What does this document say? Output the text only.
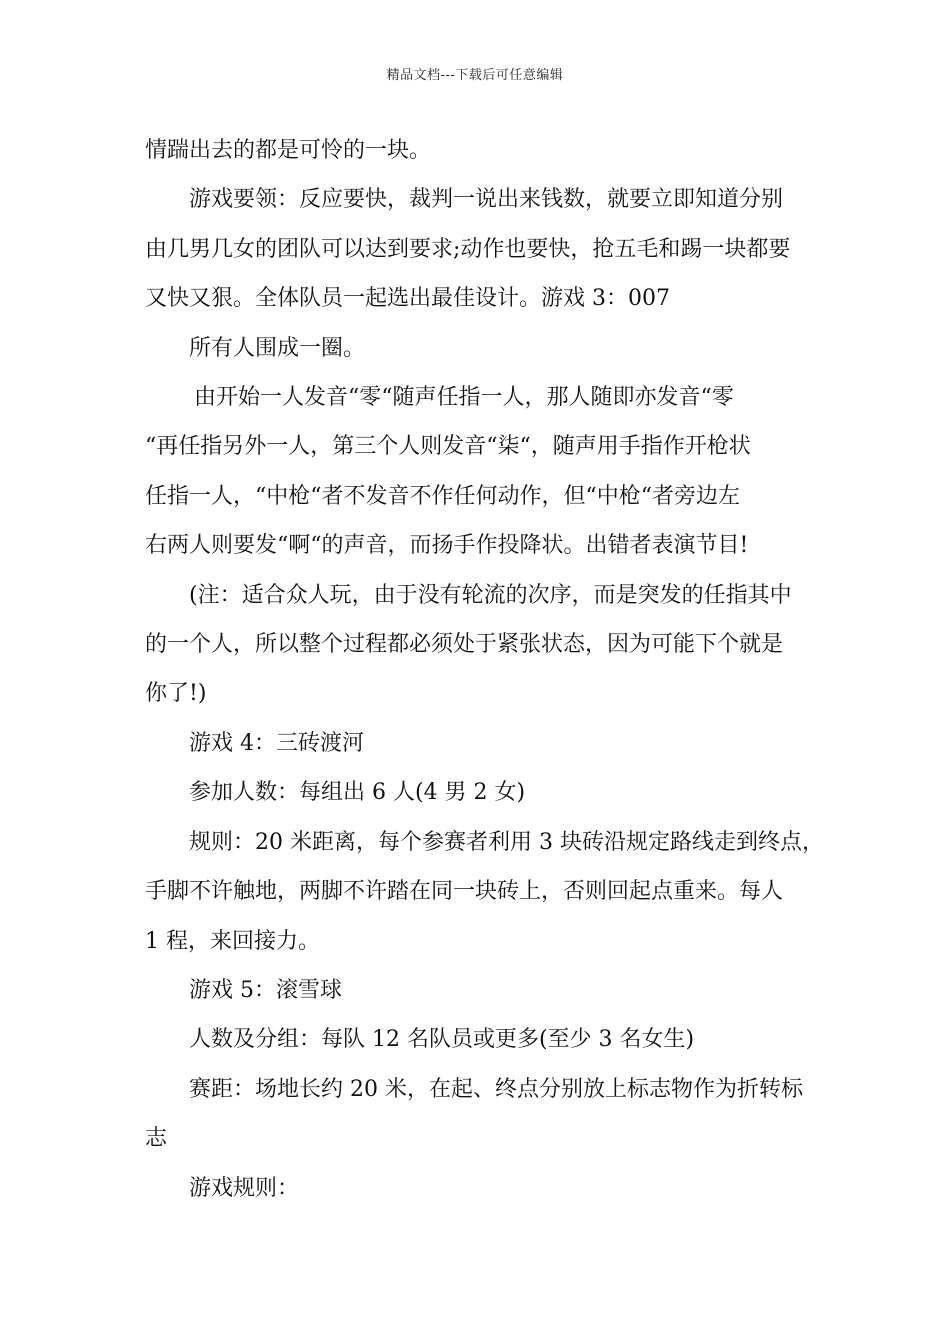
精品文档---下载后可任意编辑

情踹出去的都是可怜的一块。

游戏要领：反应要快，裁判一说出来钱数，就要立即知道分别

由几男几女的团队可以达到要求;动作也要快，抢五毛和踢一块都要

又快又狠。全体队员一起选出最佳设计。游戏 3：007

所有人围成一圈。

由开始一人发音“零“随声任指一人，那人随即亦发音“零

“再任指另外一人，第三个人则发音“柒“，随声用手指作开枪状

任指一人，“中枪“者不发音不作任何动作，但“中枪“者旁边左

右两人则要发“啊“的声音，而扬手作投降状。出错者表演节目!

(注：适合众人玩，由于没有轮流的次序，而是突发的任指其中

的一个人，所以整个过程都必须处于紧张状态，因为可能下个就是

你了!)

游戏 4：三砖渡河

参加人数：每组出 6 人(4 男 2 女)

规则：20 米距离，每个参赛者利用 3 块砖沿规定路线走到终点，

手脚不许触地，两脚不许踏在同一块砖上，否则回起点重来。每人

1 程，来回接力。

游戏 5：滚雪球

人数及分组：每队 12 名队员或更多(至少 3 名女生)

赛距：场地长约 20 米，在起、终点分别放上标志物作为折转标

志

游戏规则：
